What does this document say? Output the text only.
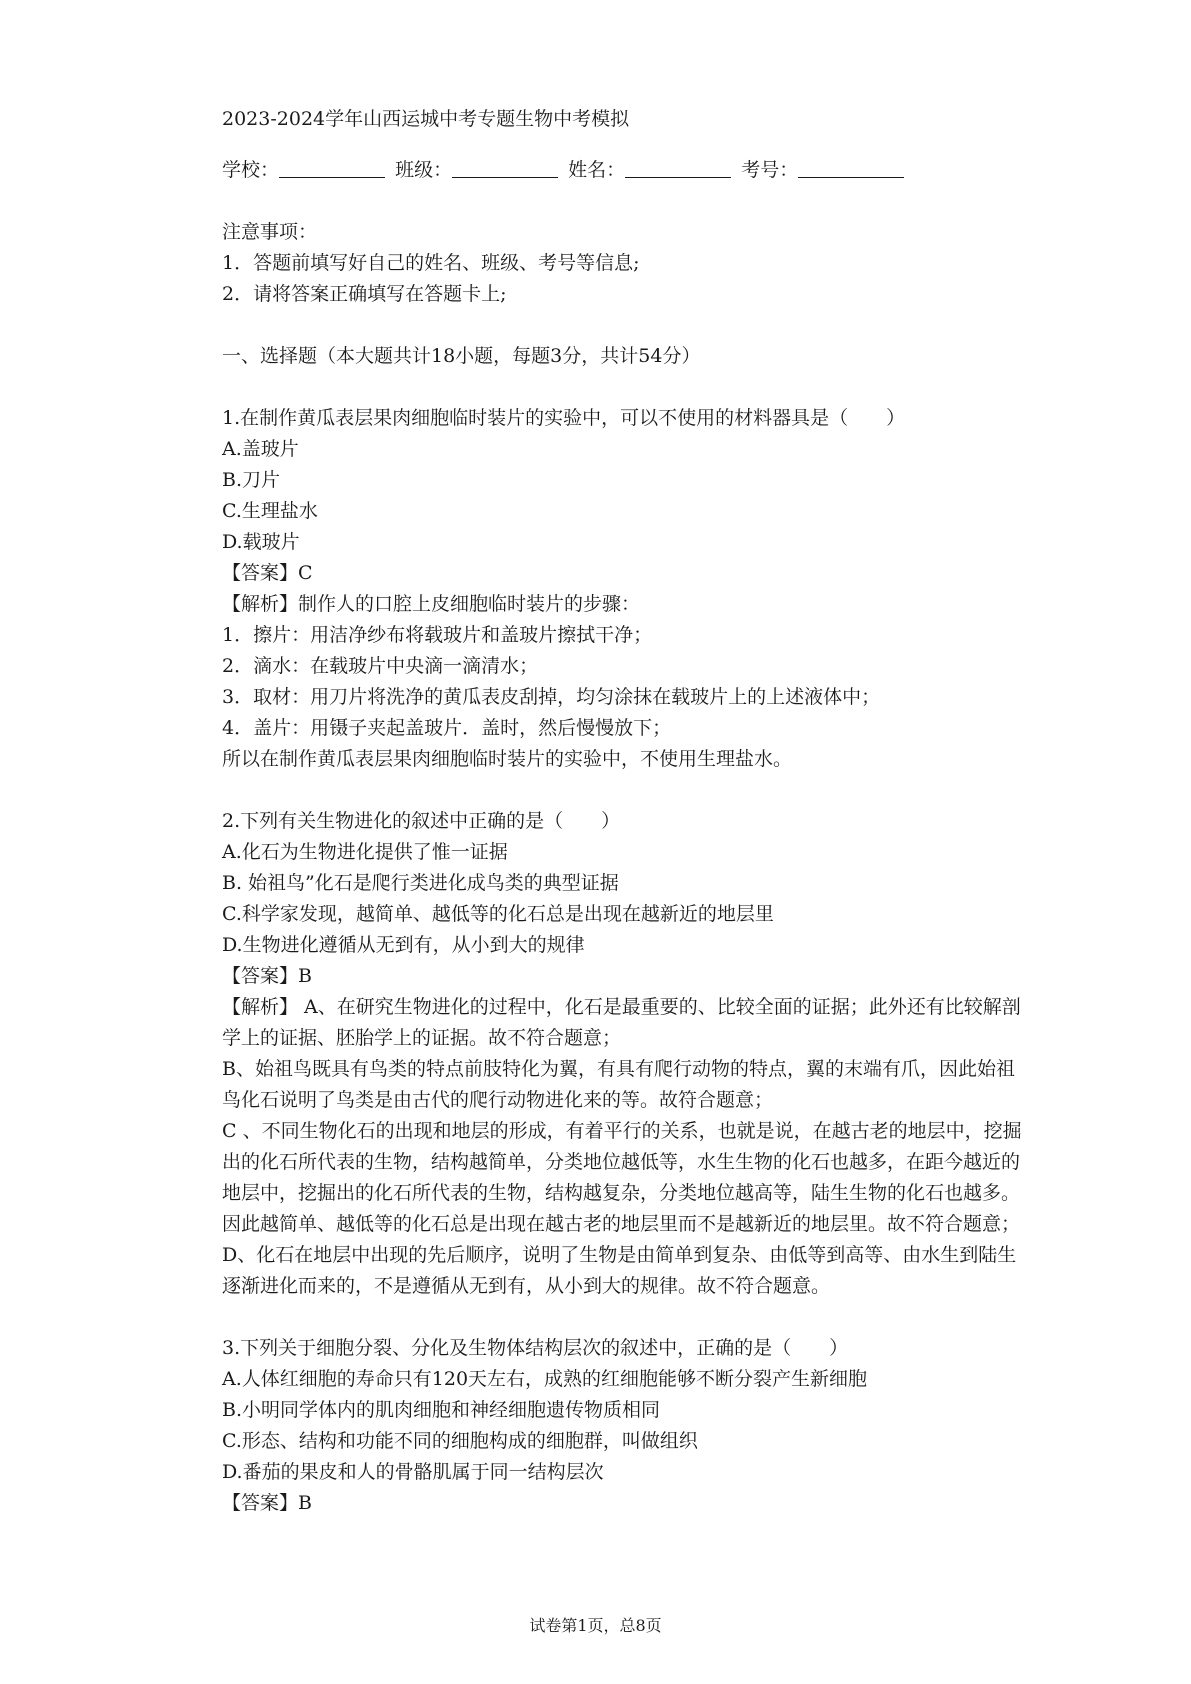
2023-2024学年山西运城中考专题生物中考模拟
学校：	班级：	姓名：	考号：
注意事项：
1．答题前填写好自己的姓名、班级、考号等信息;
2．请将答案正确填写在答题卡上;
一、选择题（本大题共计18小题，每题3分，共计54分）
1.在制作黄瓜表层果肉细胞临时装片的实验中，可以不使用的材料器具是（　　）
A.盖玻片
B.刀片
C.生理盐水
D.载玻片
【答案】C
【解析】制作人的口腔上皮细胞临时装片的步骤：
1．擦片：用洁净纱布将载玻片和盖玻片擦拭干净；
2．滴水：在载玻片中央滴一滴清水；
3．取材：用刀片将洗净的黄瓜表皮刮掉，均匀涂抹在载玻片上的上述液体中；
4．盖片：用镊子夹起盖玻片．盖时，然后慢慢放下；
所以在制作黄瓜表层果肉细胞临时装片的实验中，不使用生理盐水。
2.下列有关生物进化的叙述中正确的是（　　）
A.化石为生物进化提供了惟一证据
B. 始祖鸟”化石是爬行类进化成鸟类的典型证据
C.科学家发现，越简单、越低等的化石总是出现在越新近的地层里
D.生物进化遵循从无到有，从小到大的规律
【答案】B
【解析】 A、在研究生物进化的过程中，化石是最重要的、比较全面的证据；此外还有比较解剖学上的证据、胚胎学上的证据。故不符合题意；
B、始祖鸟既具有鸟类的特点前肢特化为翼，有具有爬行动物的特点，翼的末端有爪，因此始祖鸟化石说明了鸟类是由古代的爬行动物进化来的等。故符合题意；
C 、不同生物化石的出现和地层的形成，有着平行的关系，也就是说，在越古老的地层中，挖掘出的化石所代表的生物，结构越简单，分类地位越低等，水生生物的化石也越多，在距今越近的地层中，挖掘出的化石所代表的生物，结构越复杂，分类地位越高等，陆生生物的化石也越多。因此越简单、越低等的化石总是出现在越古老的地层里而不是越新近的地层里。故不符合题意；
D、化石在地层中出现的先后顺序，说明了生物是由简单到复杂、由低等到高等、由水生到陆生逐渐进化而来的，不是遵循从无到有，从小到大的规律。故不符合题意。
3.下列关于细胞分裂、分化及生物体结构层次的叙述中，正确的是（　　）
A.人体红细胞的寿命只有120天左右，成熟的红细胞能够不断分裂产生新细胞
B.小明同学体内的肌肉细胞和神经细胞遗传物质相同
C.形态、结构和功能不同的细胞构成的细胞群，叫做组织
D.番茄的果皮和人的骨骼肌属于同一结构层次
【答案】B
试卷第1页，总8页
